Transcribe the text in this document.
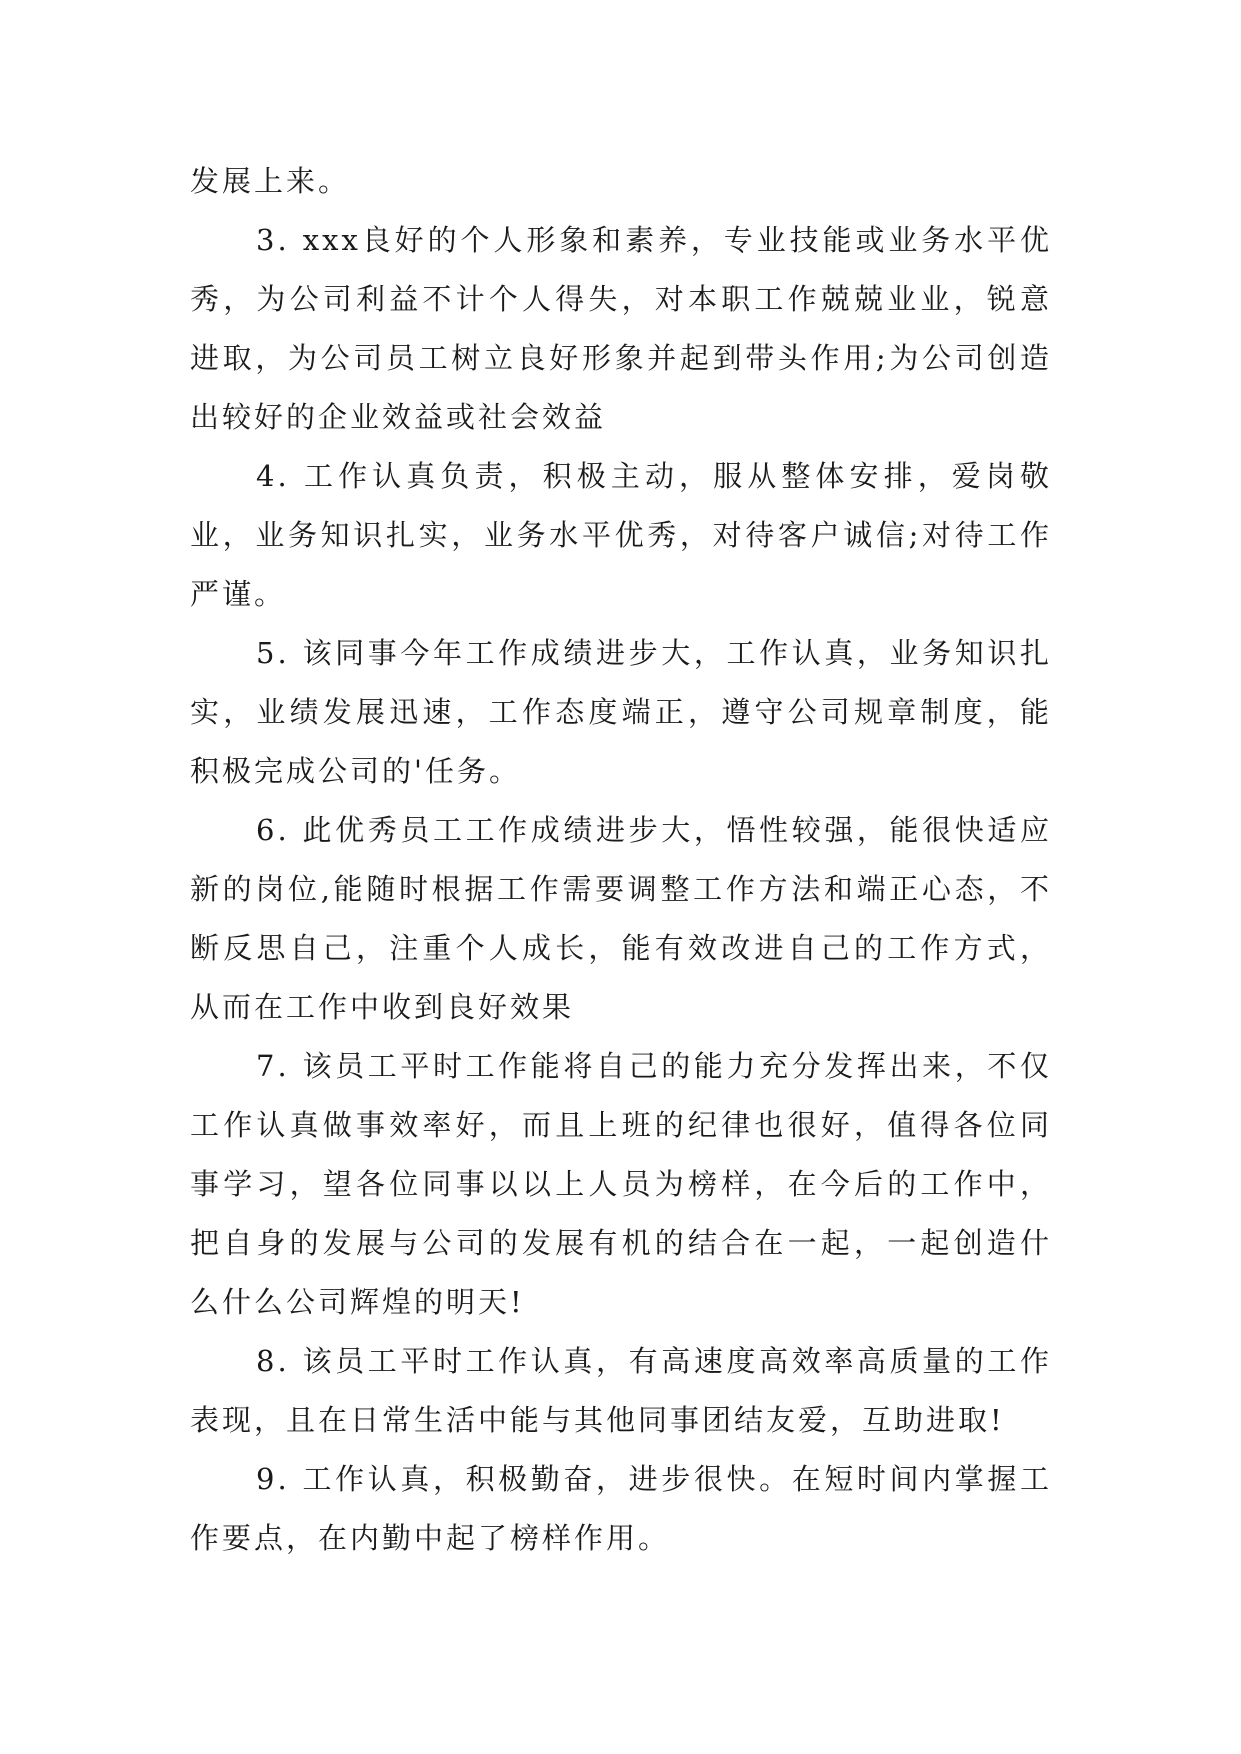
发展上来。

3. xxx良好的个人形象和素养，专业技能或业务水平优秀，为公司利益不计个人得失，对本职工作兢兢业业，锐意进取，为公司员工树立良好形象并起到带头作用;为公司创造出较好的企业效益或社会效益

4. 工作认真负责，积极主动，服从整体安排，爱岗敬业，业务知识扎实，业务水平优秀，对待客户诚信;对待工作严谨。

5. 该同事今年工作成绩进步大，工作认真，业务知识扎实，业绩发展迅速，工作态度端正，遵守公司规章制度，能积极完成公司的'任务。

6. 此优秀员工工作成绩进步大，悟性较强，能很快适应新的岗位,能随时根据工作需要调整工作方法和端正心态，不断反思自己，注重个人成长，能有效改进自己的工作方式，从而在工作中收到良好效果

7. 该员工平时工作能将自己的能力充分发挥出来，不仅工作认真做事效率好，而且上班的纪律也很好，值得各位同事学习，望各位同事以以上人员为榜样，在今后的工作中，把自身的发展与公司的发展有机的结合在一起，一起创造什么什么公司辉煌的明天!

8. 该员工平时工作认真，有高速度高效率高质量的工作表现，且在日常生活中能与其他同事团结友爱，互助进取!

9. 工作认真，积极勤奋，进步很快。在短时间内掌握工作要点，在内勤中起了榜样作用。
